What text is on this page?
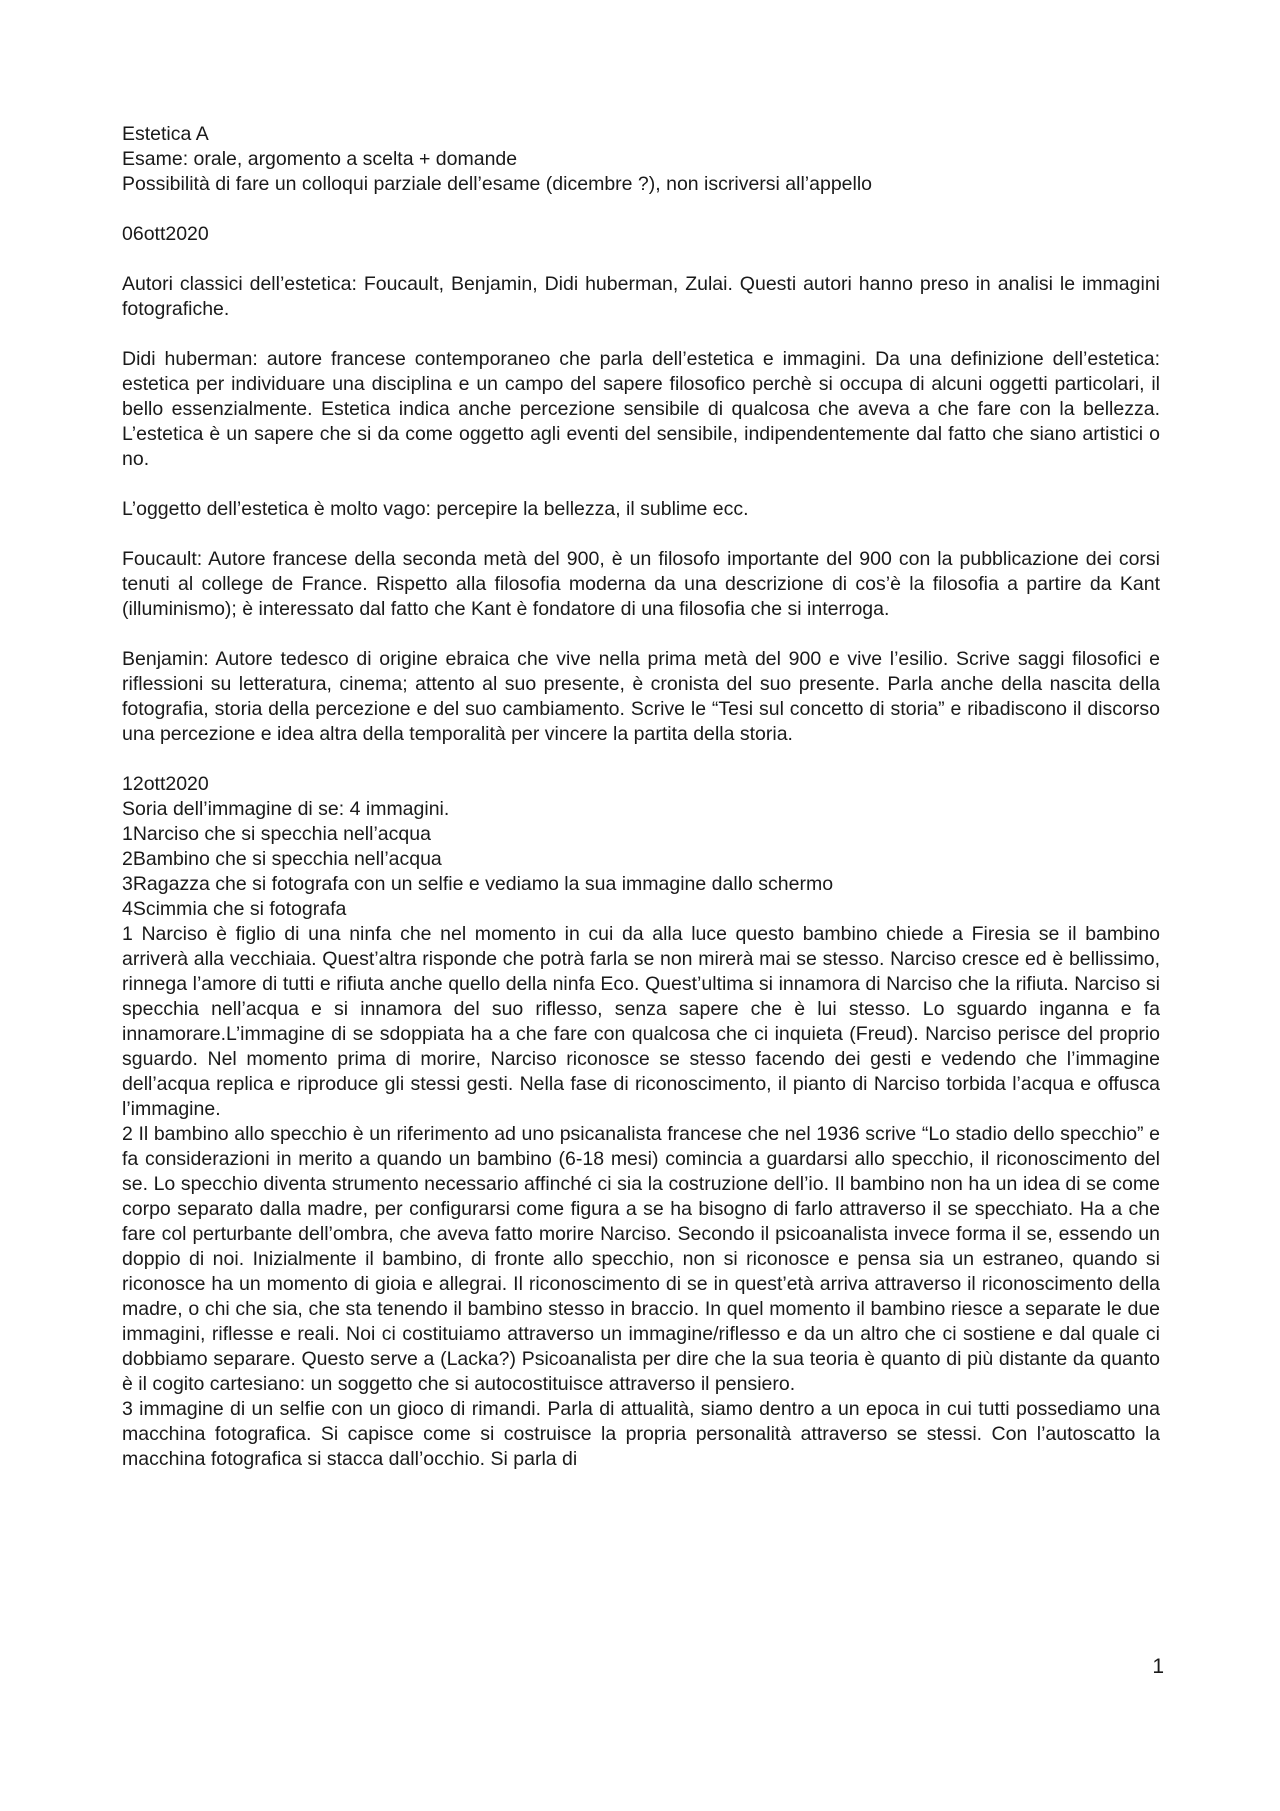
Estetica A

Esame: orale, argomento a scelta + domande

Possibilità di fare un colloqui parziale dell’esame (dicembre ?), non iscriversi all’appello

06ott2020

Autori classici dell’estetica: Foucault, Benjamin, Didi huberman, Zulai. Questi autori hanno preso in analisi le immagini fotografiche.

Didi huberman: autore francese contemporaneo che parla dell’estetica e immagini. Da una definizione dell’estetica: estetica per individuare una disciplina e un campo del sapere filosofico perchè si occupa di alcuni oggetti particolari, il bello essenzialmente. Estetica indica anche percezione sensibile di qualcosa che aveva a che fare con la bellezza. L’estetica è un sapere che si da come oggetto agli eventi del sensibile, indipendentemente dal fatto che siano artistici o no.

L’oggetto dell’estetica è molto vago: percepire la bellezza, il sublime ecc.

Foucault: Autore francese della seconda metà del 900, è un filosofo importante del 900 con la pubblicazione dei corsi tenuti al college de France. Rispetto alla filosofia moderna da una descrizione di cos’è la filosofia a partire da Kant (illuminismo); è interessato dal fatto che Kant è fondatore di una filosofia che si interroga.

Benjamin: Autore tedesco di origine ebraica che vive nella prima metà del 900 e vive l’esilio. Scrive saggi filosofici e riflessioni su letteratura, cinema; attento al suo presente, è cronista del suo presente. Parla anche della nascita della fotografia, storia della percezione e del suo cambiamento. Scrive le “Tesi sul concetto di storia” e ribadiscono il discorso una percezione e idea altra della temporalità per vincere la partita della storia.

12ott2020

Soria dell’immagine di se: 4 immagini.

1Narciso che si specchia nell’acqua

2Bambino che si specchia nell’acqua

3Ragazza che si fotografa con un selfie e vediamo la sua immagine dallo schermo

4Scimmia che si fotografa

1 Narciso è figlio di una ninfa che nel momento in cui da alla luce questo bambino chiede a Firesia se il bambino arriverà alla vecchiaia. Quest’altra risponde che potrà farla se non mirerà mai se stesso. Narciso cresce ed è bellissimo, rinnega l’amore di tutti e rifiuta anche quello della ninfa Eco. Quest’ultima si innamora di Narciso che la rifiuta. Narciso si specchia nell’acqua e si innamora del suo riflesso, senza sapere che è lui stesso. Lo sguardo inganna e fa innamorare.L’immagine di se sdoppiata ha a che fare con qualcosa che ci inquieta (Freud). Narciso perisce del proprio sguardo. Nel momento prima di morire, Narciso riconosce se stesso facendo dei gesti e vedendo che l’immagine dell’acqua replica e riproduce gli stessi gesti. Nella fase di riconoscimento, il pianto di Narciso torbida l’acqua e offusca l’immagine.

2 Il bambino allo specchio è un riferimento ad uno psicanalista francese che nel 1936 scrive “Lo stadio dello specchio” e fa considerazioni in merito a quando un bambino (6-18 mesi) comincia a guardarsi allo specchio, il riconoscimento del se. Lo specchio diventa strumento necessario affinché ci sia la costruzione dell’io. Il bambino non ha un idea di se come corpo separato dalla madre, per configurarsi come figura a se ha bisogno di farlo attraverso il se specchiato. Ha a che fare col perturbante dell’ombra, che aveva fatto morire Narciso. Secondo il psicoanalista invece forma il se, essendo un doppio di noi. Inizialmente il bambino, di fronte allo specchio, non si riconosce e pensa sia un estraneo, quando si riconosce ha un momento di gioia e allegrai. Il riconoscimento di se in quest’età arriva attraverso il riconoscimento della madre, o chi che sia, che sta tenendo il bambino stesso in braccio. In quel momento il bambino riesce a separate le due immagini, riflesse e reali. Noi ci costituiamo attraverso un immagine/riflesso e da un altro che ci sostiene e dal quale ci dobbiamo separare. Questo serve a (Lacka?) Psicoanalista per dire che la sua teoria è quanto di più distante da quanto è il cogito cartesiano: un soggetto che si autocostituisce attraverso il pensiero.

3 immagine di un selfie con un gioco di rimandi. Parla di attualità, siamo dentro a un epoca in cui tutti possediamo una macchina fotografica. Si capisce come si costruisce la propria personalità attraverso se stessi. Con l’autoscatto la macchina fotografica si stacca dall’occhio. Si parla di

1
